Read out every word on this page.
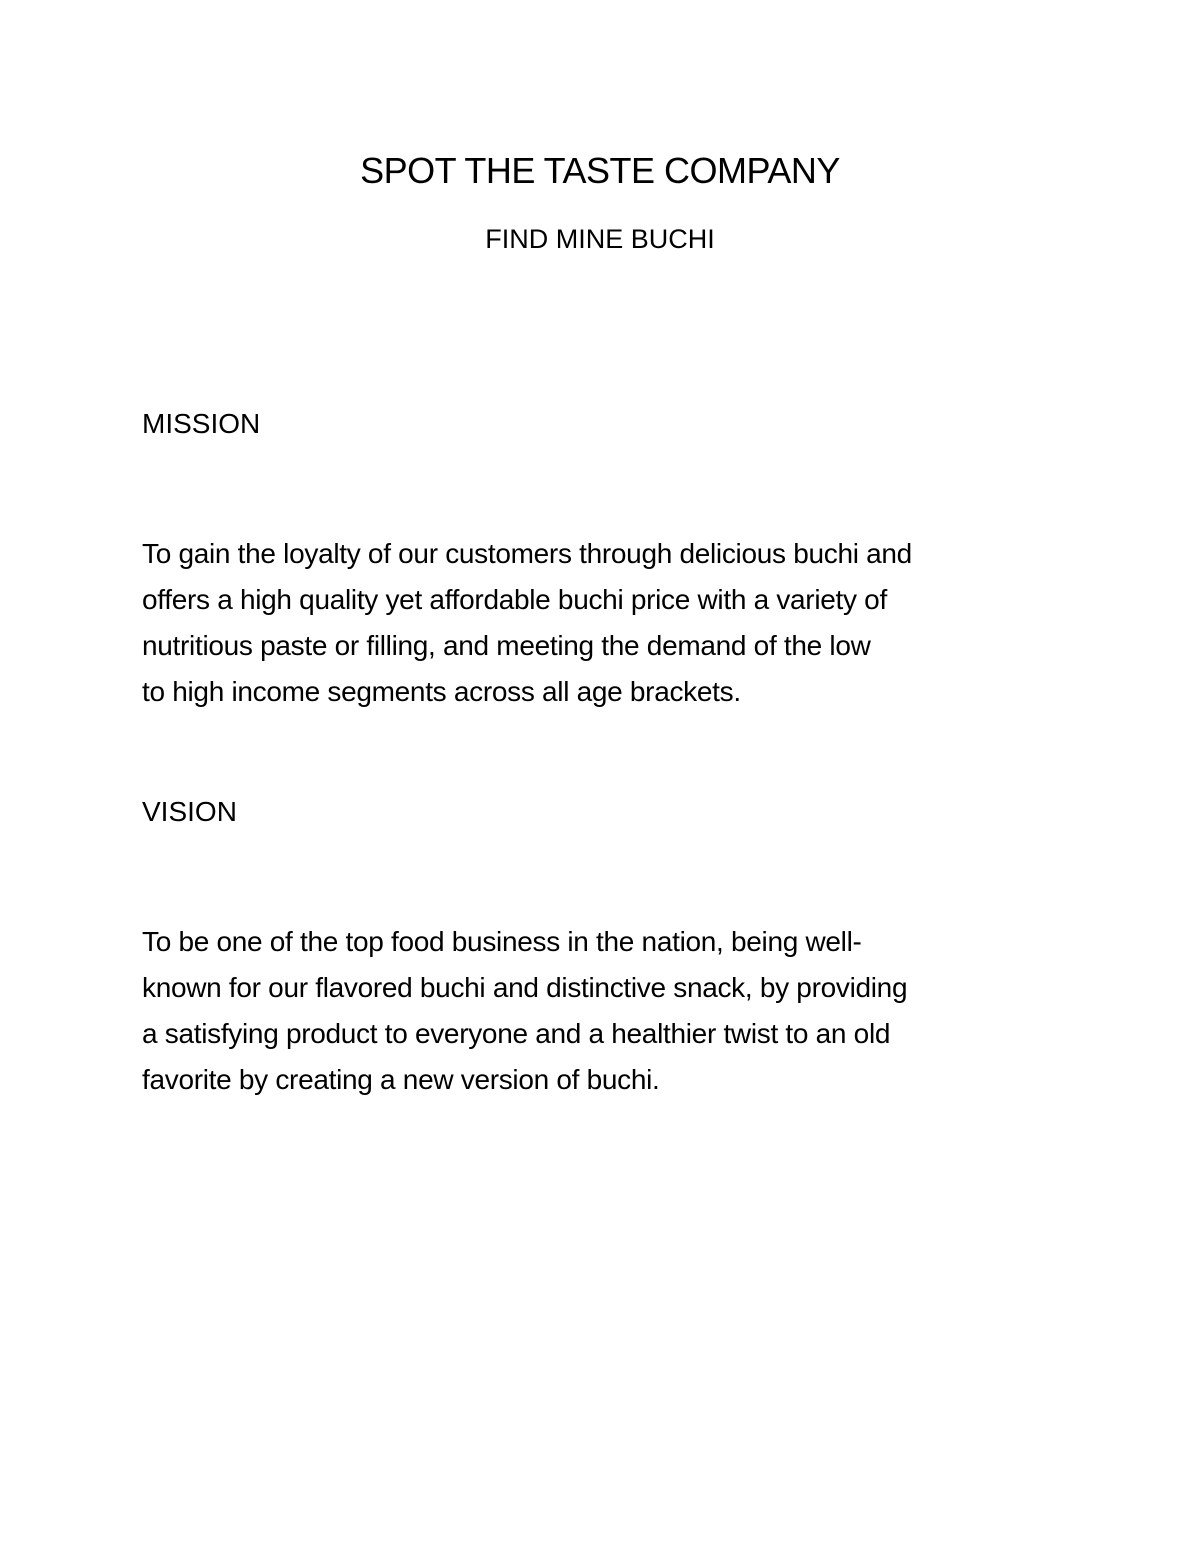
SPOT THE TASTE COMPANY
FIND MINE BUCHI
MISSION
To gain the loyalty of our customers through delicious buchi and
offers a high quality yet affordable buchi price with a variety of
nutritious paste or filling, and meeting the demand of the low
to high income segments across all age brackets.
VISION
To be one of the top food business in the nation, being well-
known for our flavored buchi and distinctive snack, by providing
a satisfying product to everyone and a healthier twist to an old
favorite by creating a new version of buchi.
